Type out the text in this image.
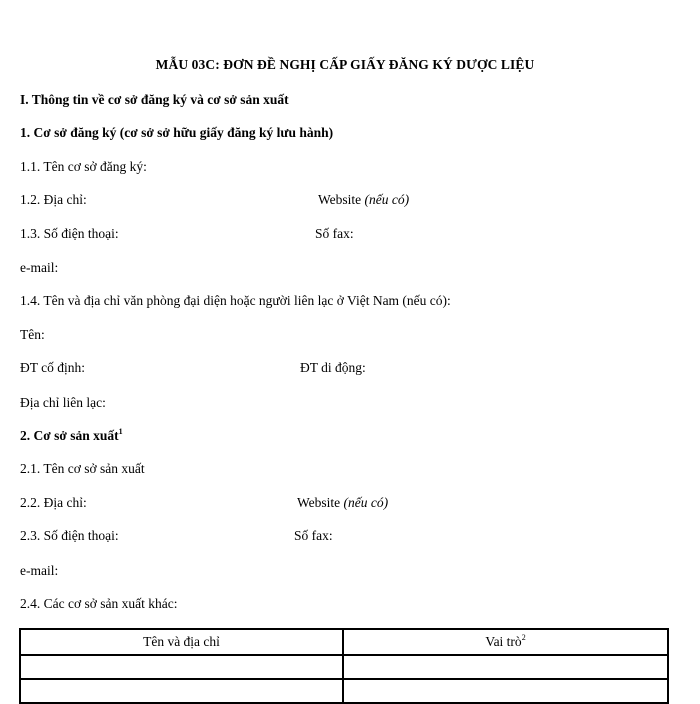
MẪU 03C: ĐƠN ĐỀ NGHỊ CẤP GIẤY ĐĂNG KÝ DƯỢC LIỆU
I. Thông tin về cơ sở đăng ký và cơ sở sản xuất
1. Cơ sở đăng ký (cơ sở sở hữu giấy đăng ký lưu hành)
1.1. Tên cơ sở đăng ký:
1.2. Địa chỉ:	Website (nếu có)
1.3. Số điện thoại:	Số fax:
e-mail:
1.4. Tên và địa chỉ văn phòng đại diện hoặc người liên lạc ở Việt Nam (nếu có):
Tên:
ĐT cố định:	ĐT di động:
Địa chỉ liên lạc:
2. Cơ sở sản xuất$^1$
2.1. Tên cơ sở sản xuất
2.2. Địa chỉ:	Website (nếu có)
2.3. Số điện thoại:	Số fax:
e-mail:
2.4. Các cơ sở sản xuất khác:
Tên và địa chỉ	Vai trò$^2$
